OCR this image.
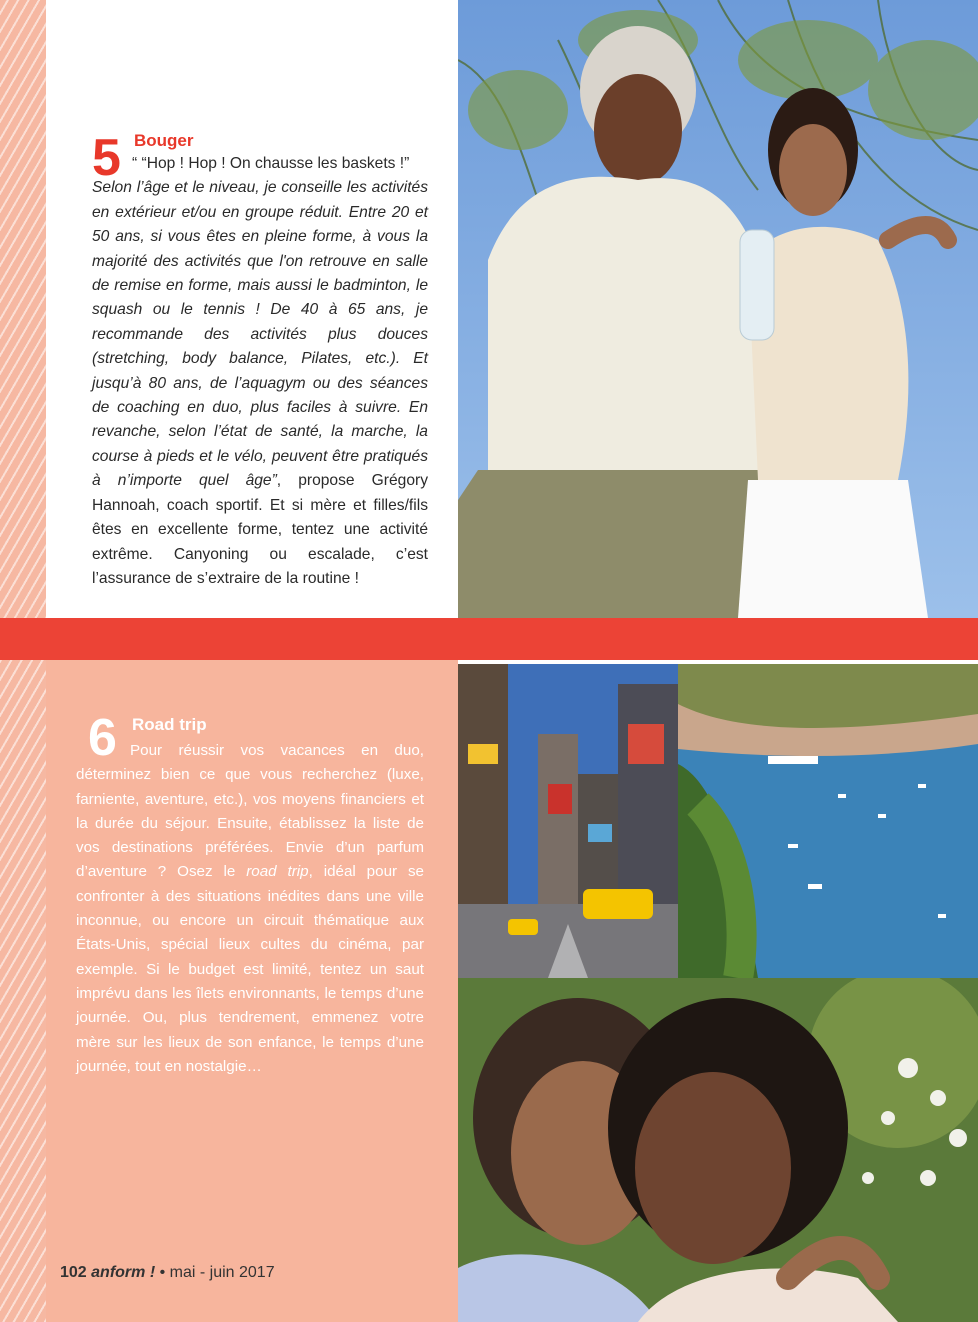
5 Bouger
“ “Hop ! Hop ! On chausse les baskets !”
Selon l’âge et le niveau, je conseille les activités en extérieur et/ou en groupe réduit. Entre 20 et 50 ans, si vous êtes en pleine forme, à vous la majorité des activités que l'on retrouve en salle de remise en forme, mais aussi le badminton, le squash ou le tennis ! De 40 à 65 ans, je recommande des activités plus douces (stretching, body balance, Pilates, etc.). Et jusqu’à 80 ans, de l’aquagym ou des séances de coaching en duo, plus faciles à suivre. En revanche, selon l’état de santé, la marche, la course à pieds et le vélo, peuvent être pratiqués à n’importe quel âge”, propose Grégory Hannoah, coach sportif. Et si mère et filles/fils êtes en excellente forme, tentez une activité extrême. Canyoning ou escalade, c’est l’assurance de s’extraire de la routine !
6 Road trip
Pour réussir vos vacances en duo, déterminez bien ce que vous recherchez (luxe, farniente, aventure, etc.), vos moyens financiers et la durée du séjour. Ensuite, établissez la liste de vos destinations préférées. Envie d’un parfum d’aventure ? Osez le road trip, idéal pour se confronter à des situations inédites dans une ville inconnue, ou encore un circuit thématique aux États-Unis, spécial lieux cultes du cinéma, par exemple. Si le budget est limité, tentez un saut imprévu dans les îlets environnants, le temps d’une journée. Ou, plus tendrement, emmenez votre mère sur les lieux de son enfance, le temps d’une journée, tout en nostalgie…
102 anform ! • mai - juin 2017
